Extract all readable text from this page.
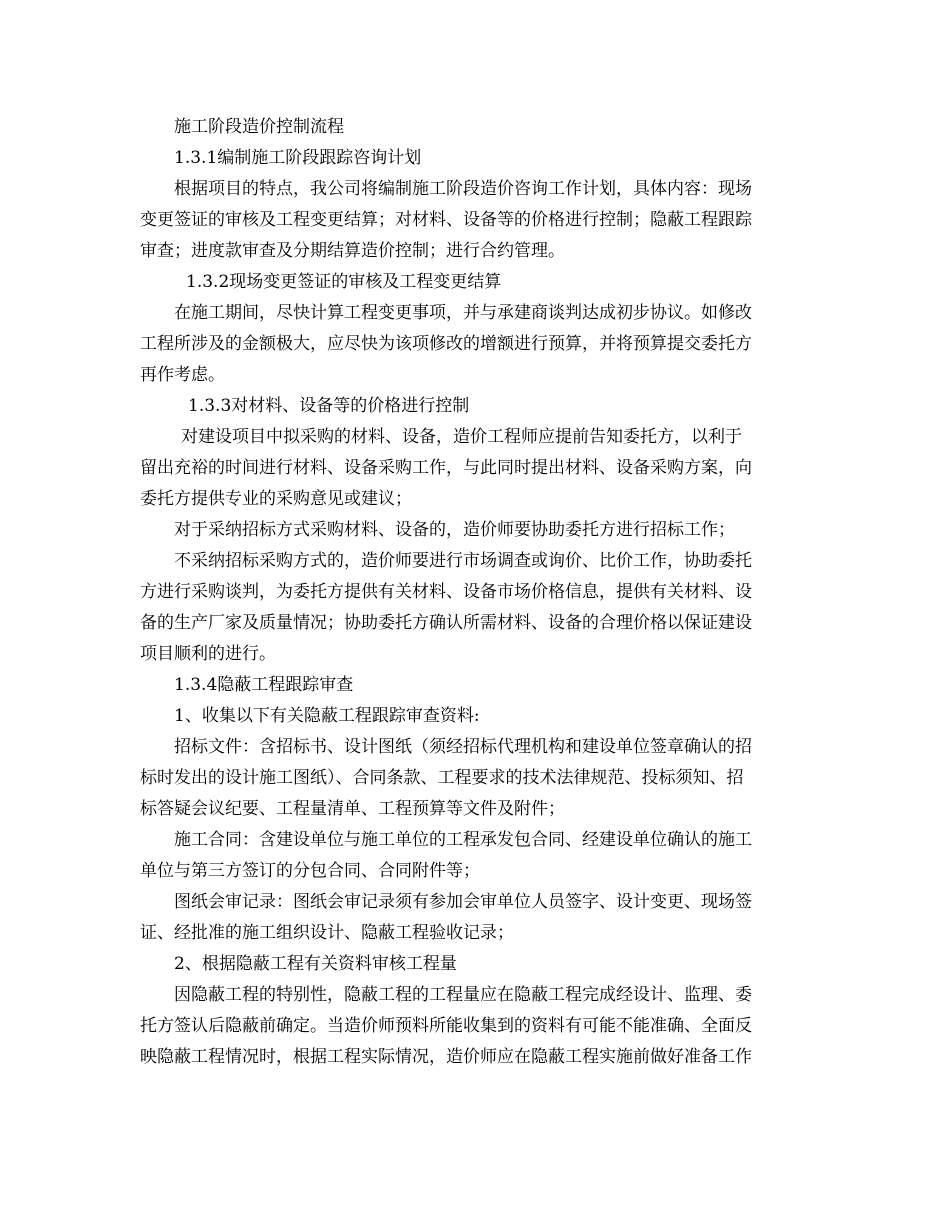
施工阶段造价控制流程
1.3.1编制施工阶段跟踪咨询计划
根据项目的特点，我公司将编制施工阶段造价咨询工作计划，具体内容：现场
变更签证的审核及工程变更结算；对材料、设备等的价格进行控制；隐蔽工程跟踪
审查；进度款审查及分期结算造价控制；进行合约管理。
1.3.2现场变更签证的审核及工程变更结算
在施工期间，尽快计算工程变更事项，并与承建商谈判达成初步协议。如修改
工程所涉及的金额极大，应尽快为该项修改的增额进行预算，并将预算提交委托方
再作考虑。
1.3.3对材料、设备等的价格进行控制
对建设项目中拟采购的材料、设备，造价工程师应提前告知委托方，以利于
留出充裕的时间进行材料、设备采购工作，与此同时提出材料、设备采购方案，向
委托方提供专业的采购意见或建议；
对于采纳招标方式采购材料、设备的，造价师要协助委托方进行招标工作；
不采纳招标采购方式的，造价师要进行市场调查或询价、比价工作，协助委托
方进行采购谈判，为委托方提供有关材料、设备市场价格信息，提供有关材料、设
备的生产厂家及质量情况；协助委托方确认所需材料、设备的合理价格以保证建设
项目顺利的进行。
1.3.4隐蔽工程跟踪审查
1、收集以下有关隐蔽工程跟踪审查资料:
招标文件：含招标书、设计图纸（须经招标代理机构和建设单位签章确认的招
标时发出的设计施工图纸）、合同条款、工程要求的技术法律规范、投标须知、招
标答疑会议纪要、工程量清单、工程预算等文件及附件；
施工合同：含建设单位与施工单位的工程承发包合同、经建设单位确认的施工
单位与第三方签订的分包合同、合同附件等；
图纸会审记录：图纸会审记录须有参加会审单位人员签字、设计变更、现场签
证、经批准的施工组织设计、隐蔽工程验收记录；
2、根据隐蔽工程有关资料审核工程量
因隐蔽工程的特别性，隐蔽工程的工程量应在隐蔽工程完成经设计、监理、委
托方签认后隐蔽前确定。当造价师预料所能收集到的资料有可能不能准确、全面反
映隐蔽工程情况时，根据工程实际情况，造价师应在隐蔽工程实施前做好准备工作
